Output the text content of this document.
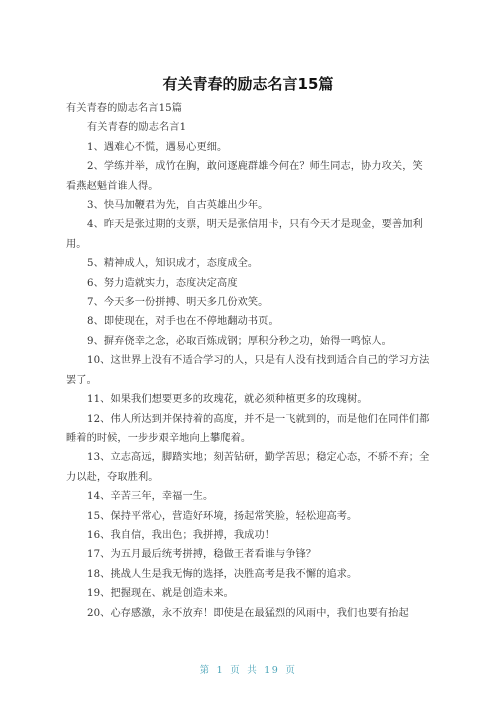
有关青春的励志名言15篇

有关青春的励志名言15篇

有关青春的励志名言1

1、遇难心不慌，遇易心更细。

2、学练并举，成竹在胸，敢问逐鹿群雄今何在？师生同志，协力攻关，笑看燕赵魁首谁人得。

3、快马加鞭君为先，自古英雄出少年。

4、昨天是张过期的支票，明天是张信用卡，只有今天才是现金，要善加利用。

5、精神成人，知识成才，态度成全。

6、努力造就实力，态度决定高度

7、今天多一份拼搏、明天多几份欢笑。

8、即使现在，对手也在不停地翻动书页。

9、摒弃侥幸之念，必取百炼成钢；厚积分秒之功，始得一鸣惊人。

10、这世界上没有不适合学习的人，只是有人没有找到适合自己的学习方法罢了。

11、如果我们想要更多的玫瑰花，就必须种植更多的玫瑰树。

12、伟人所达到并保持着的高度，并不是一飞就到的，而是他们在同伴们都睡着的时候，一步步艰辛地向上攀爬着。

13、立志高远，脚踏实地；刻苦钻研，勤学苦思；稳定心态，不骄不弃；全力以赴，夺取胜利。

14、辛苦三年，幸福一生。

15、保持平常心，营造好环境，扬起常笑脸，轻松迎高考。

16、我自信，我出色；我拼搏，我成功！

17、为五月最后统考拼搏，稳做王者看谁与争锋？

18、挑战人生是我无悔的选择，决胜高考是我不懈的追求。

19、把握现在、就是创造未来。

20、心存感激，永不放弃！即使是在最猛烈的风雨中，我们也要有抬起

第 1 页 共 19 页
